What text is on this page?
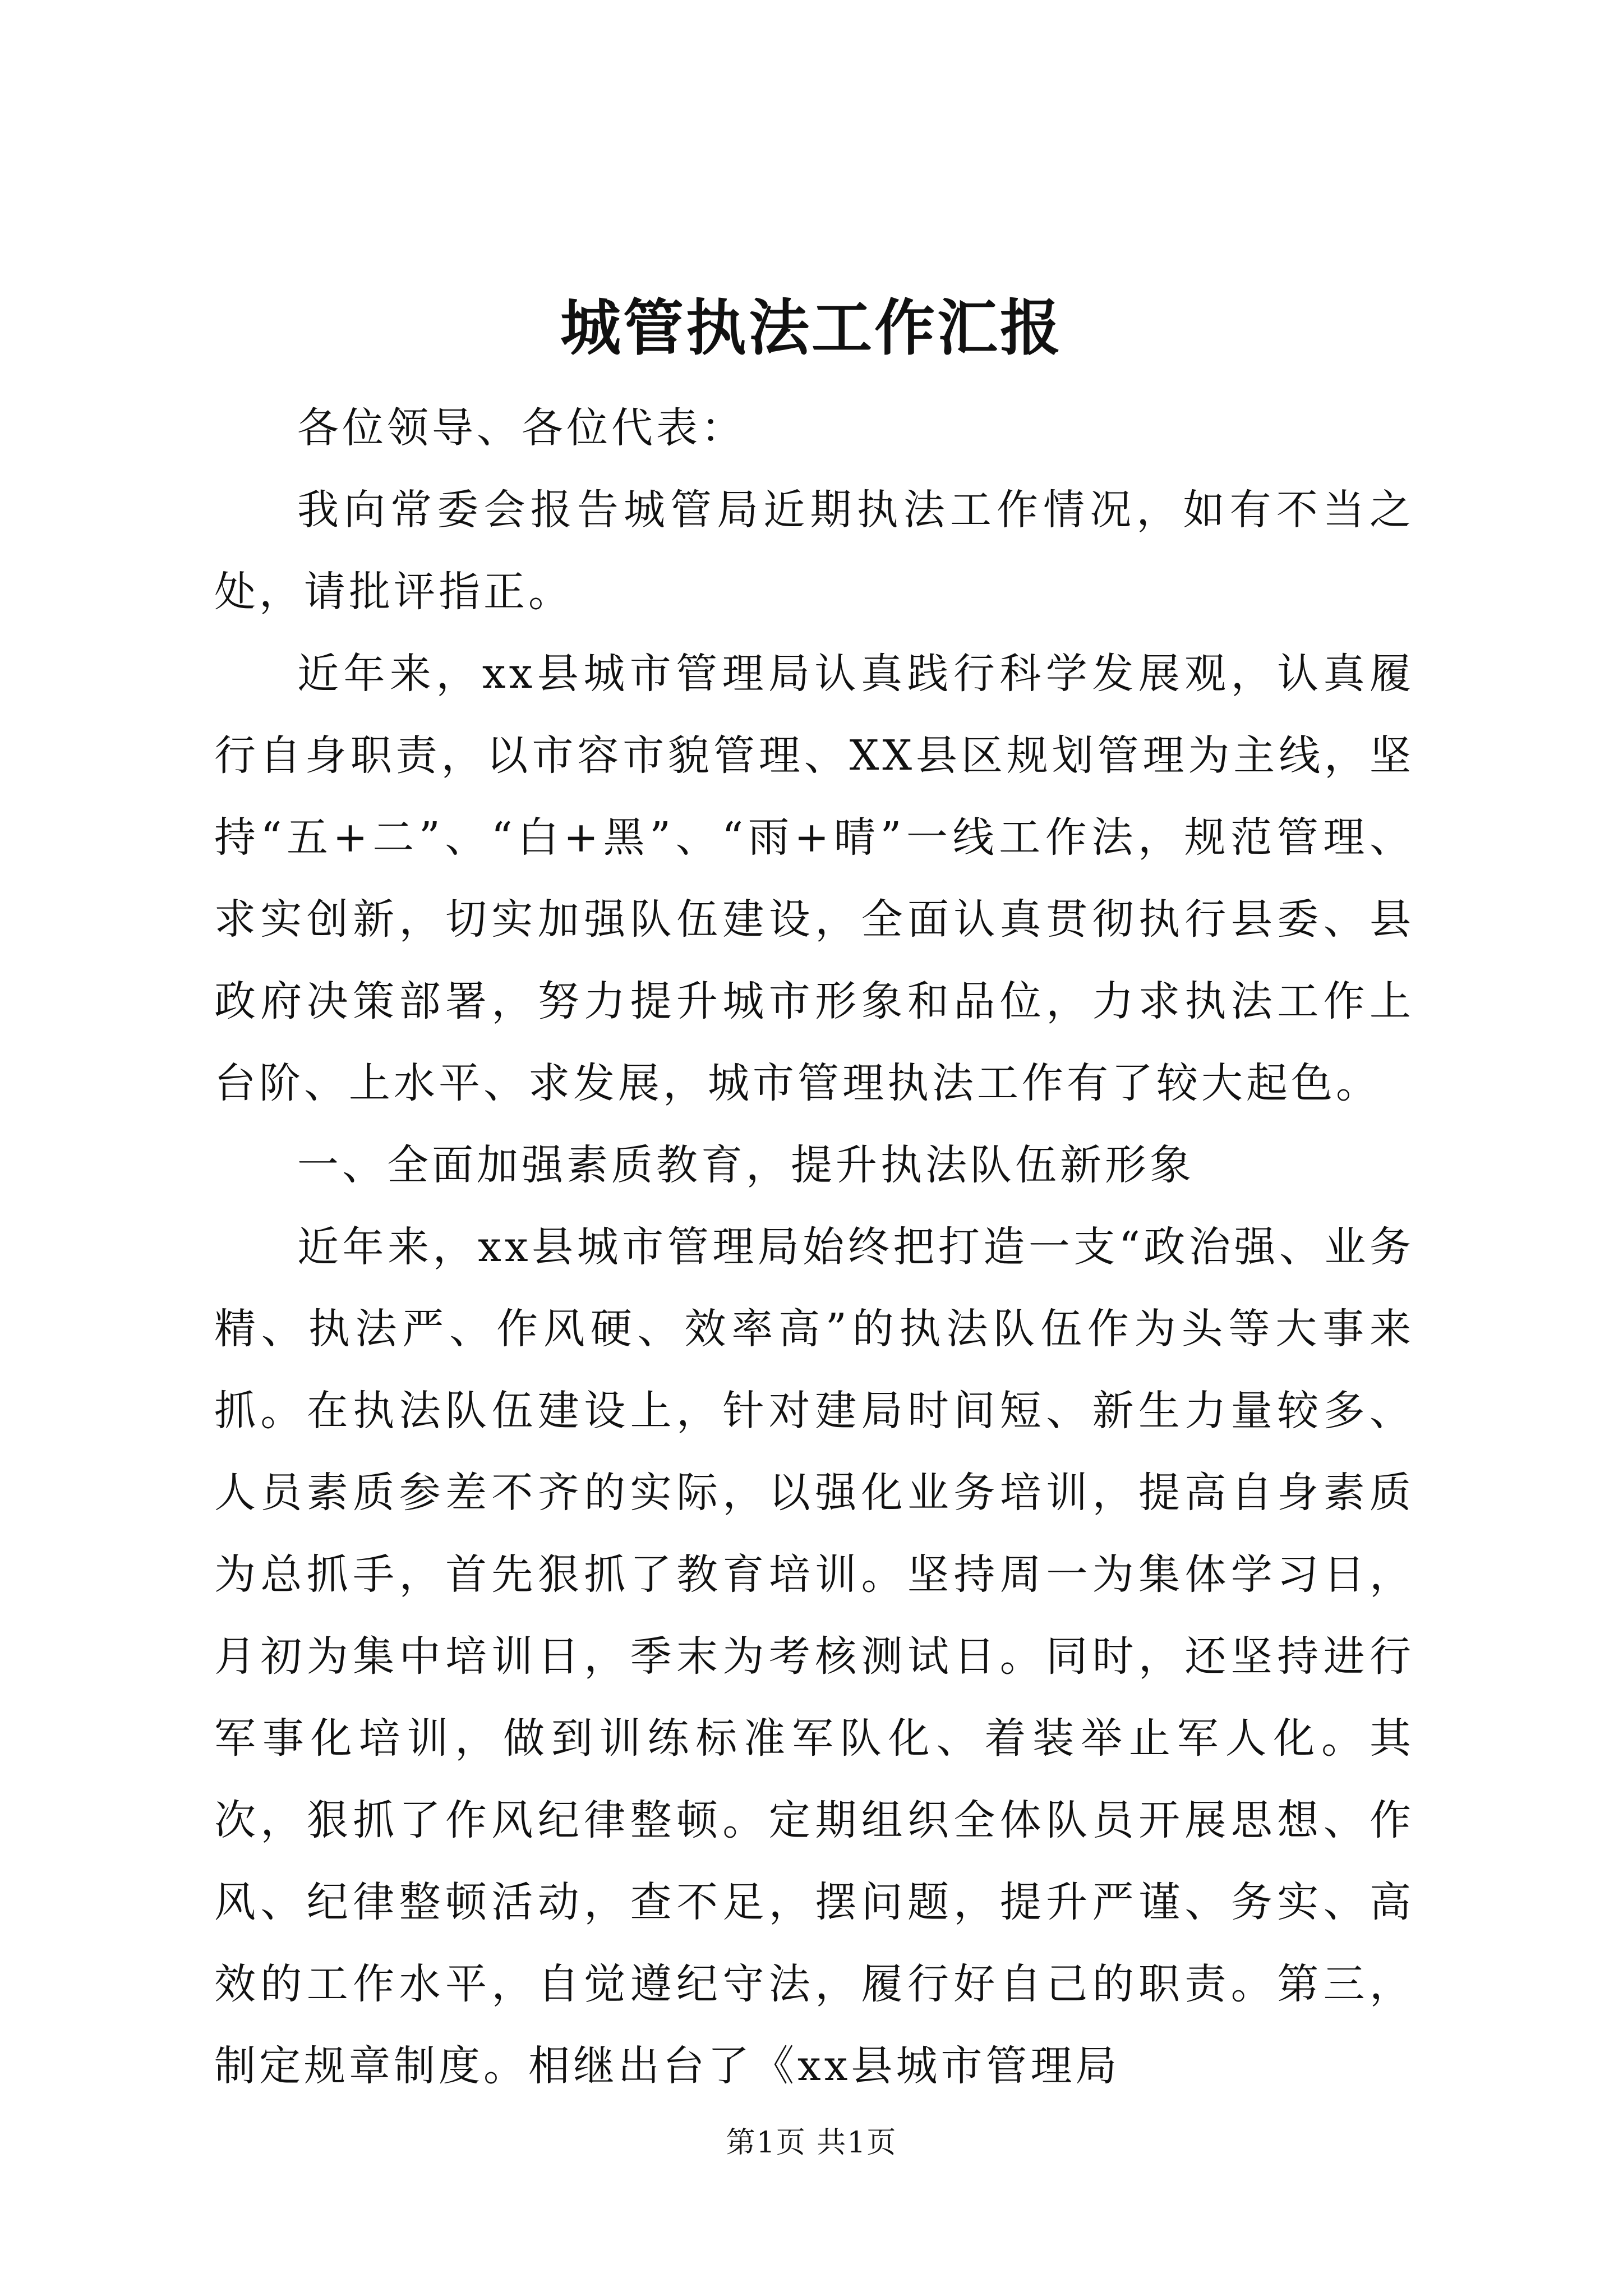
城管执法工作汇报

各位领导、各位代表：

我向常委会报告城管局近期执法工作情况，如有不当之处，请批评指正。

近年来，xx县城市管理局认真践行科学发展观，认真履行自身职责，以市容市貌管理、XX县区规划管理为主线，坚持“五+二”、“白+黑”、“雨+晴”一线工作法，规范管理、求实创新，切实加强队伍建设，全面认真贯彻执行县委、县政府决策部署，努力提升城市形象和品位，力求执法工作上台阶、上水平、求发展，城市管理执法工作有了较大起色。

一、全面加强素质教育，提升执法队伍新形象

近年来，xx县城市管理局始终把打造一支“政治强、业务精、执法严、作风硬、效率高”的执法队伍作为头等大事来抓。在执法队伍建设上，针对建局时间短、新生力量较多、人员素质参差不齐的实际，以强化业务培训，提高自身素质为总抓手，首先狠抓了教育培训。坚持周一为集体学习日，月初为集中培训日，季末为考核测试日。同时，还坚持进行军事化培训，做到训练标准军队化、着装举止军人化。其次，狠抓了作风纪律整顿。定期组织全体队员开展思想、作风、纪律整顿活动，查不足，摆问题，提升严谨、务实、高效的工作水平，自觉遵纪守法，履行好自己的职责。第三，制定规章制度。相继出台了《xx县城市管理局

第1页 共1页
